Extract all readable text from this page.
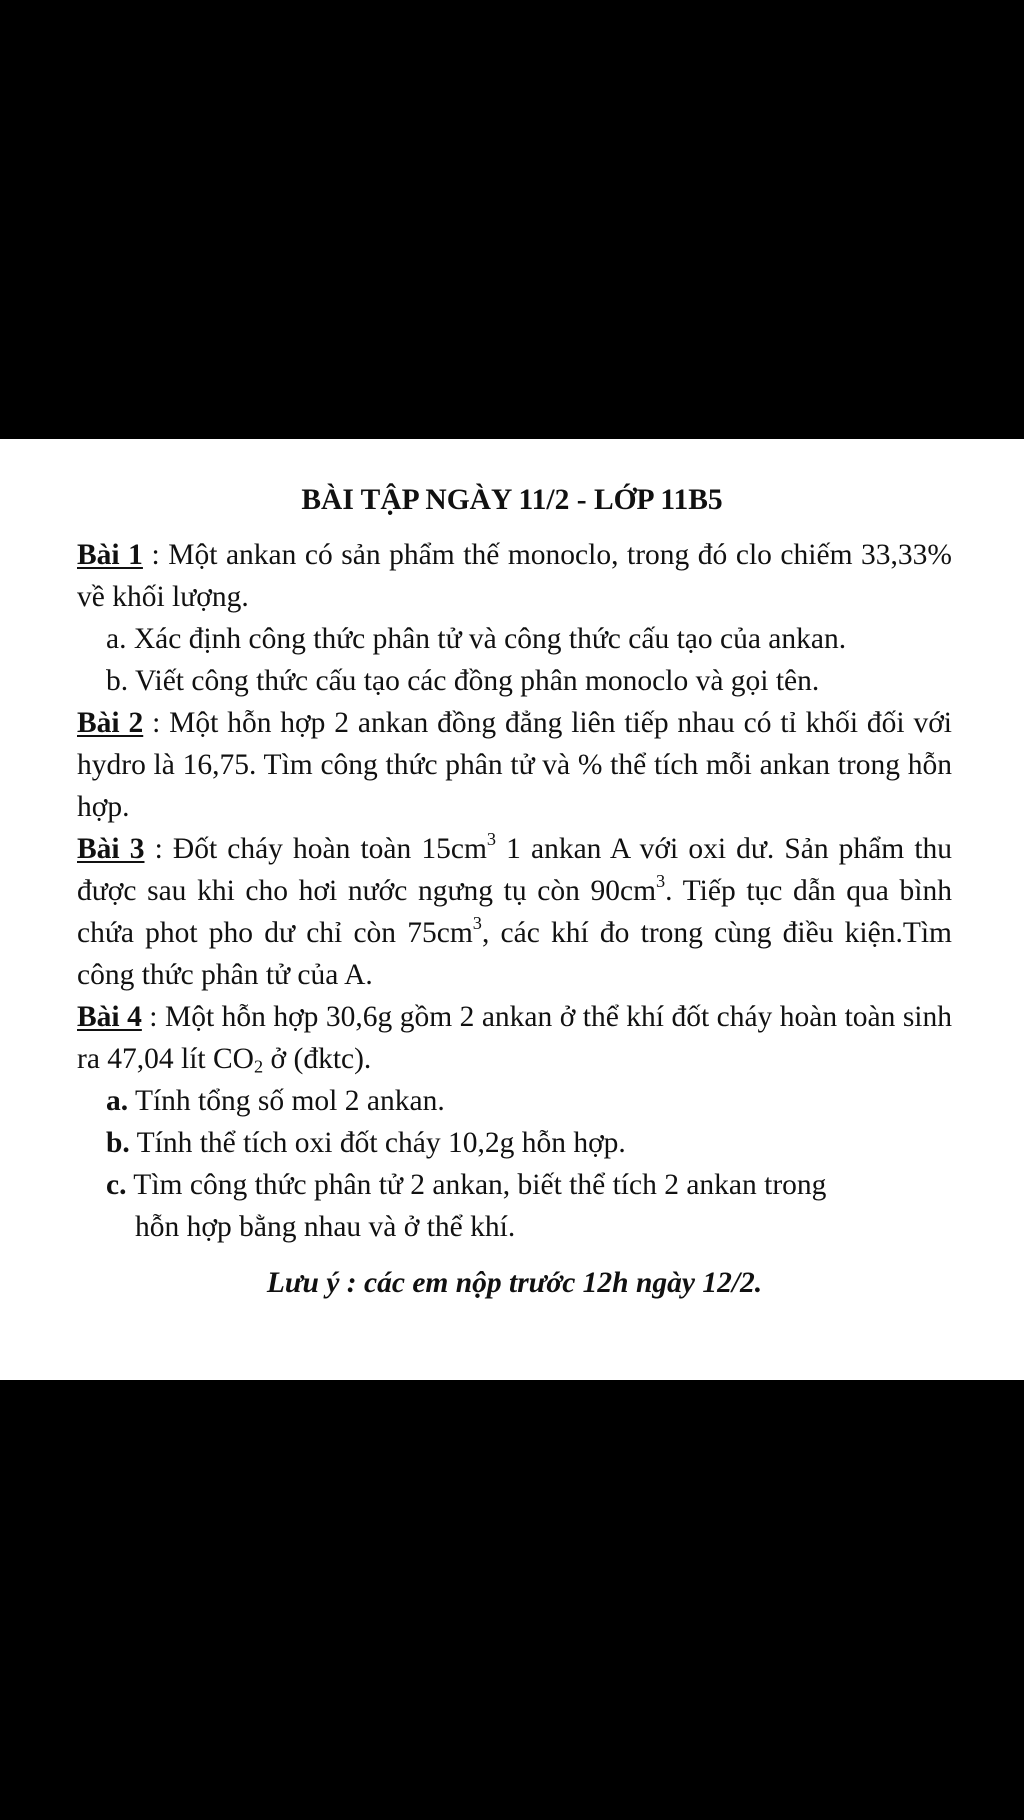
BÀI TẬP NGÀY 11/2 - LỚP 11B5

Bài 1 : Một ankan có sản phẩm thế monoclo, trong đó clo chiếm 33,33% về khối lượng.

a. Xác định công thức phân tử và công thức cấu tạo của ankan.

b. Viết công thức cấu tạo các đồng phân monoclo và gọi tên.

Bài 2 : Một hỗn hợp 2 ankan đồng đẳng liên tiếp nhau có tỉ khối đối với hydro là 16,75. Tìm công thức phân tử và % thể tích mỗi ankan trong hỗn hợp.

Bài 3 : Đốt cháy hoàn toàn $15cm^3$ 1 ankan A với oxi dư. Sản phẩm thu được sau khi cho hơi nước ngưng tụ còn $90cm^3$. Tiếp tục dẫn qua bình chứa phot pho dư chỉ còn $75cm^3$, các khí đo trong cùng điều kiện.Tìm công thức phân tử của A.

Bài 4 : Một hỗn hợp 30,6g gồm 2 ankan ở thể khí đốt cháy hoàn toàn sinh ra 47,04 lít $CO_2$ ở (đktc).

a. Tính tổng số mol 2 ankan.

b. Tính thể tích oxi đốt cháy 10,2g hỗn hợp.

c. Tìm công thức phân tử 2 ankan, biết thể tích 2 ankan trong

hỗn hợp bằng nhau và ở thể khí.

Lưu ý : các em nộp trước 12h ngày 12/2.
